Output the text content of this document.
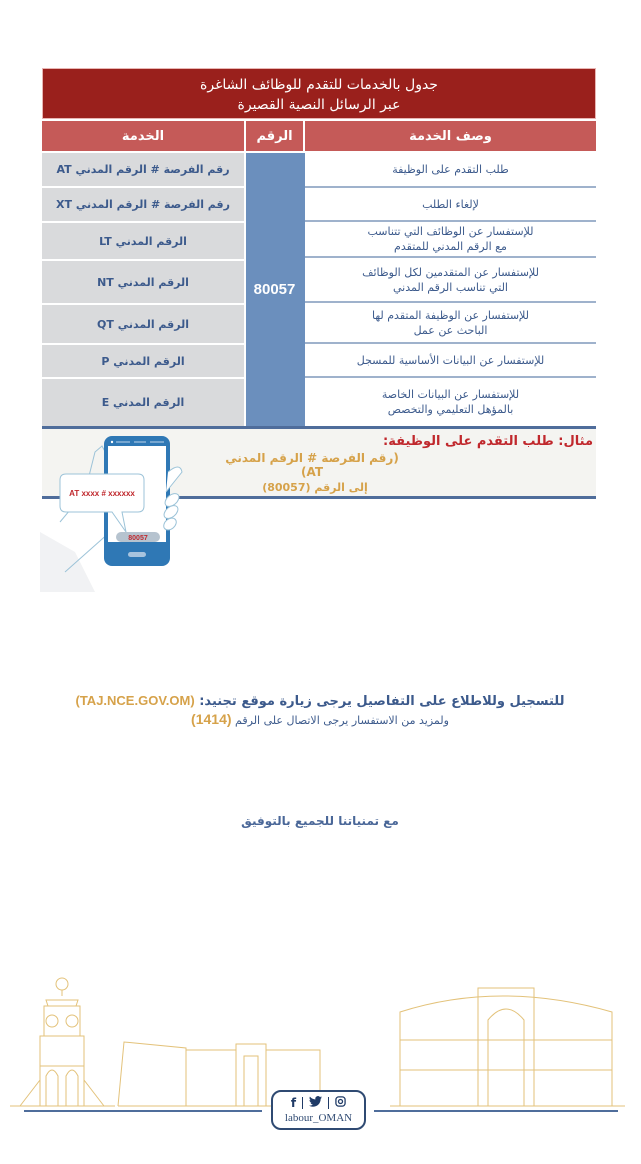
جدول بالخدمات للتقدم للوظائف الشاغرة
عبر الرسائل النصية القصيرة
وصف الخدمة
الرقم
الخدمة
رقم الفرصة # الرقم المدني AT
رقم الفرصة # الرقم المدني XT
الرقم المدني LT
الرقم المدني NT
الرقم المدني QT
الرقم المدني P
الرقم المدني E
80057
طلب التقدم على الوظيفة
لإلغاء الطلب
للإستفسار عن الوظائف التي تتناسب
مع الرقم المدني للمتقدم
للإستفسار عن المتقدمين لكل الوظائف
التي تناسب الرقم المدني
للإستفسار عن الوظيفة المتقدم لها
الباحث عن عمل
للإستفسار عن البيانات الأساسية للمسجل
للإستفسار عن البيانات الخاصة
بالمؤهل التعليمي والتخصص
مثال: طلب التقدم على الوظيفة:
(رقم الفرصة # الرقم المدني AT)
إلى الرقم (80057)
80057
AT xxxx # xxxxxx
للتسجيل وللاطلاع على التفاصيل يرجى زيارة موقع تجنيد: (TAJ.NCE.GOV.OM)
ولمزيد من الاستفسار يرجى الاتصال على الرقم (1414)
مع تمنياتنا للجميع بالتوفيق
f
labour_OMAN
